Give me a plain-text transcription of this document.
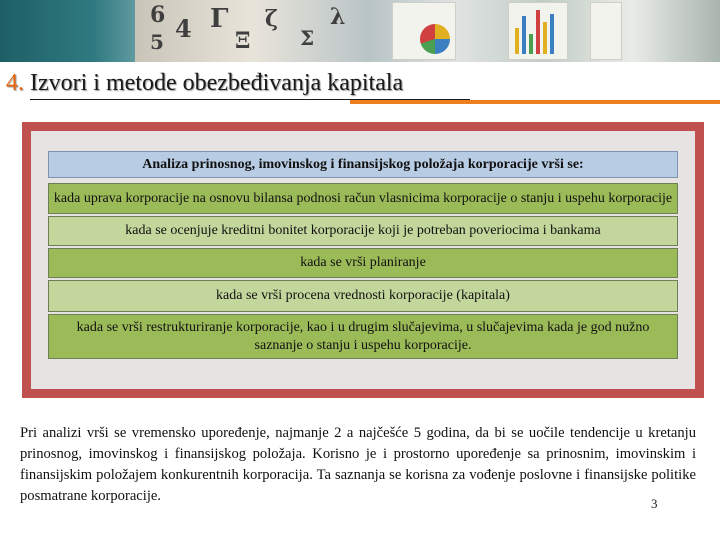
6
5 4 Γ
Ξ
ζ
Σ
λ
4. Izvori i metode obezbeđivanja kapitala
Analiza prinosnog, imovinskog i finansijskog položaja korporacije vrši se:
kada uprava korporacije na osnovu bilansa podnosi račun vlasnicima korporacije o stanju i uspehu korporacije
kada se ocenjuje kreditni bonitet korporacije koji je potreban poveriocima i bankama
kada se vrši planiranje
kada se vrši procena vrednosti korporacije (kapitala)
kada se vrši restrukturiranje korporacije, kao i u drugim slučajevima, u slučajevima kada je god nužno saznanje o stanju i uspehu korporacije.
Pri analizi vrši se vremensko upoređenje, najmanje 2 a najčešće 5 godina, da bi se uočile tendencije u kretanju prinosnog, imovinskog i finansijskog položaja. Korisno je i prostorno upoređenje sa prinosnim, imovinskim i finansijskim položajem konkurentnih korporacija. Ta saznanja se korisna za vođenje poslovne i finansijske politike posmatrane korporacije.	3
